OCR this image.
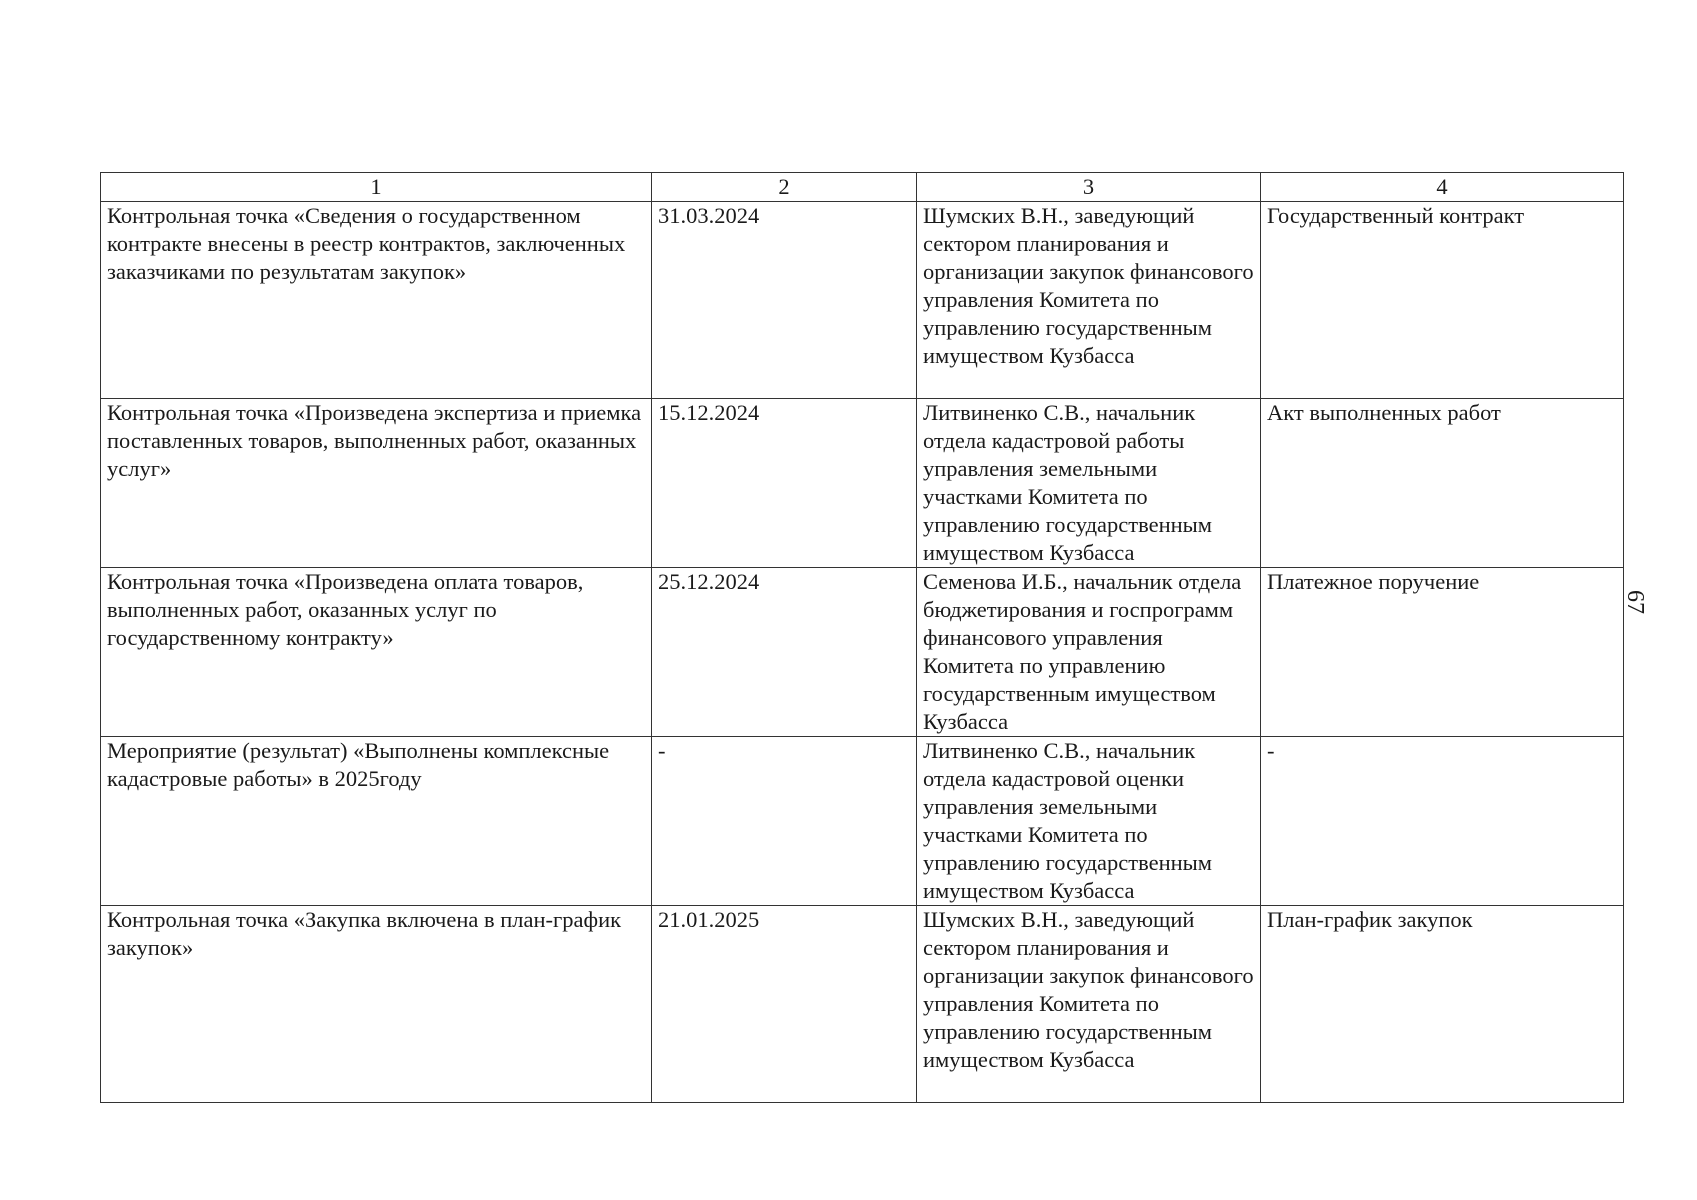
1	2	3	4
Контрольная точка «Сведения о государственном контракте внесены в реестр контрактов, заключенных заказчиками по результатам закупок»	31.03.2024	Шумских В.Н., заведующий сектором планирования и организации закупок финансового управления Комитета по управлению государственным имуществом Кузбасса	Государственный контракт
Контрольная точка «Произведена экспертиза и приемка поставленных товаров, выполненных работ, оказанных услуг»	15.12.2024	Литвиненко С.В., начальник отдела кадастровой работы управления земельными участками Комитета по управлению государственным имуществом Кузбасса	Акт выполненных работ
Контрольная точка «Произведена оплата товаров, выполненных работ, оказанных услуг по государственному контракту»	25.12.2024	Семенова И.Б., начальник отдела бюджетирования и госпрограмм финансового управления Комитета по управлению государственным имуществом Кузбасса	Платежное поручение
Мероприятие (результат) «Выполнены комплексные кадастровые работы» в 2025году	-	Литвиненко С.В., начальник отдела кадастровой оценки управления земельными участками Комитета по управлению государственным имуществом Кузбасса	-
Контрольная точка «Закупка включена в план-график закупок»	21.01.2025	Шумских В.Н., заведующий сектором планирования и организации закупок финансового управления Комитета по управлению государственным имуществом Кузбасса	План-график закупок
67
